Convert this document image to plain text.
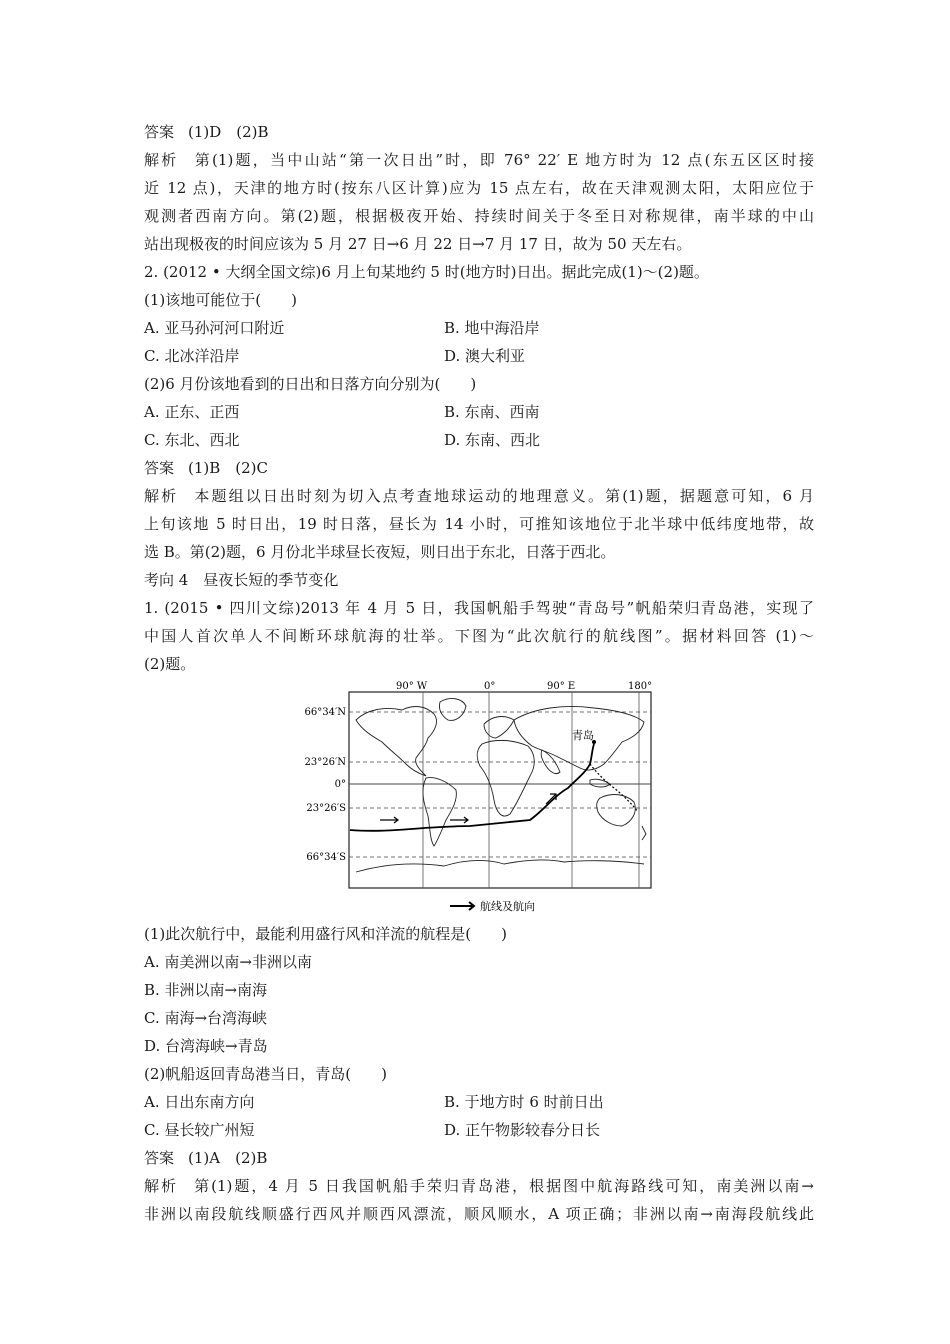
答案 (1)D　(2)B
解析 第(1)题，当中山站“第一次日出”时，即 76° 22′ E 地方时为 12 点(东五区区时接
近 12 点)，天津的地方时(按东八区计算)应为 15 点左右，故在天津观测太阳，太阳应位于
观测者西南方向。第(2)题，根据极夜开始、持续时间关于冬至日对称规律，南半球的中山
站出现极夜的时间应该为 5 月 27 日→6 月 22 日→7 月 17 日，故为 50 天左右。
2. (2012 • 大纲全国文综)6 月上旬某地约 5 时(地方时)日出。据此完成(1)～(2)题。
(1)该地可能位于(　　)
A. 亚马孙河河口附近	B. 地中海沿岸
C. 北冰洋沿岸	D. 澳大利亚
(2)6 月份该地看到的日出和日落方向分别为(　　)
A. 正东、正西	B. 东南、西南
C. 东北、西北	D. 东南、西北
答案 (1)B　(2)C
解析 本题组以日出时刻为切入点考查地球运动的地理意义。第(1)题，据题意可知，6 月
上旬该地 5 时日出，19 时日落，昼长为 14 小时，可推知该地位于北半球中低纬度地带，故
选 B。第(2)题，6 月份北半球昼长夜短，则日出于东北，日落于西北。
考向 4　昼夜长短的季节变化
1. (2015 • 四川文综)2013 年 4 月 5 日，我国帆船手驾驶“青岛号”帆船荣归青岛港，实现了
中国人首次单人不间断环球航海的壮举。下图为“此次航行的航线图”。据材料回答 (1)～
(2)题。
90° W	0°	90° E	180°
66°34′N
23°26′N
0°
23°26′S
66°34′S
青岛
航线及航向
(1)此次航行中，最能利用盛行风和洋流的航程是(　　)
A. 南美洲以南→非洲以南
B. 非洲以南→南海
C. 南海→台湾海峡
D. 台湾海峡→青岛
(2)帆船返回青岛港当日，青岛(　　)
A. 日出东南方向	B. 于地方时 6 时前日出
C. 昼长较广州短	D. 正午物影较春分日长
答案 (1)A　(2)B
解析 第(1)题，4 月 5 日我国帆船手荣归青岛港，根据图中航海路线可知，南美洲以南→
非洲以南段航线顺盛行西风并顺西风漂流，顺风顺水，A 项正确；非洲以南→南海段航线此
